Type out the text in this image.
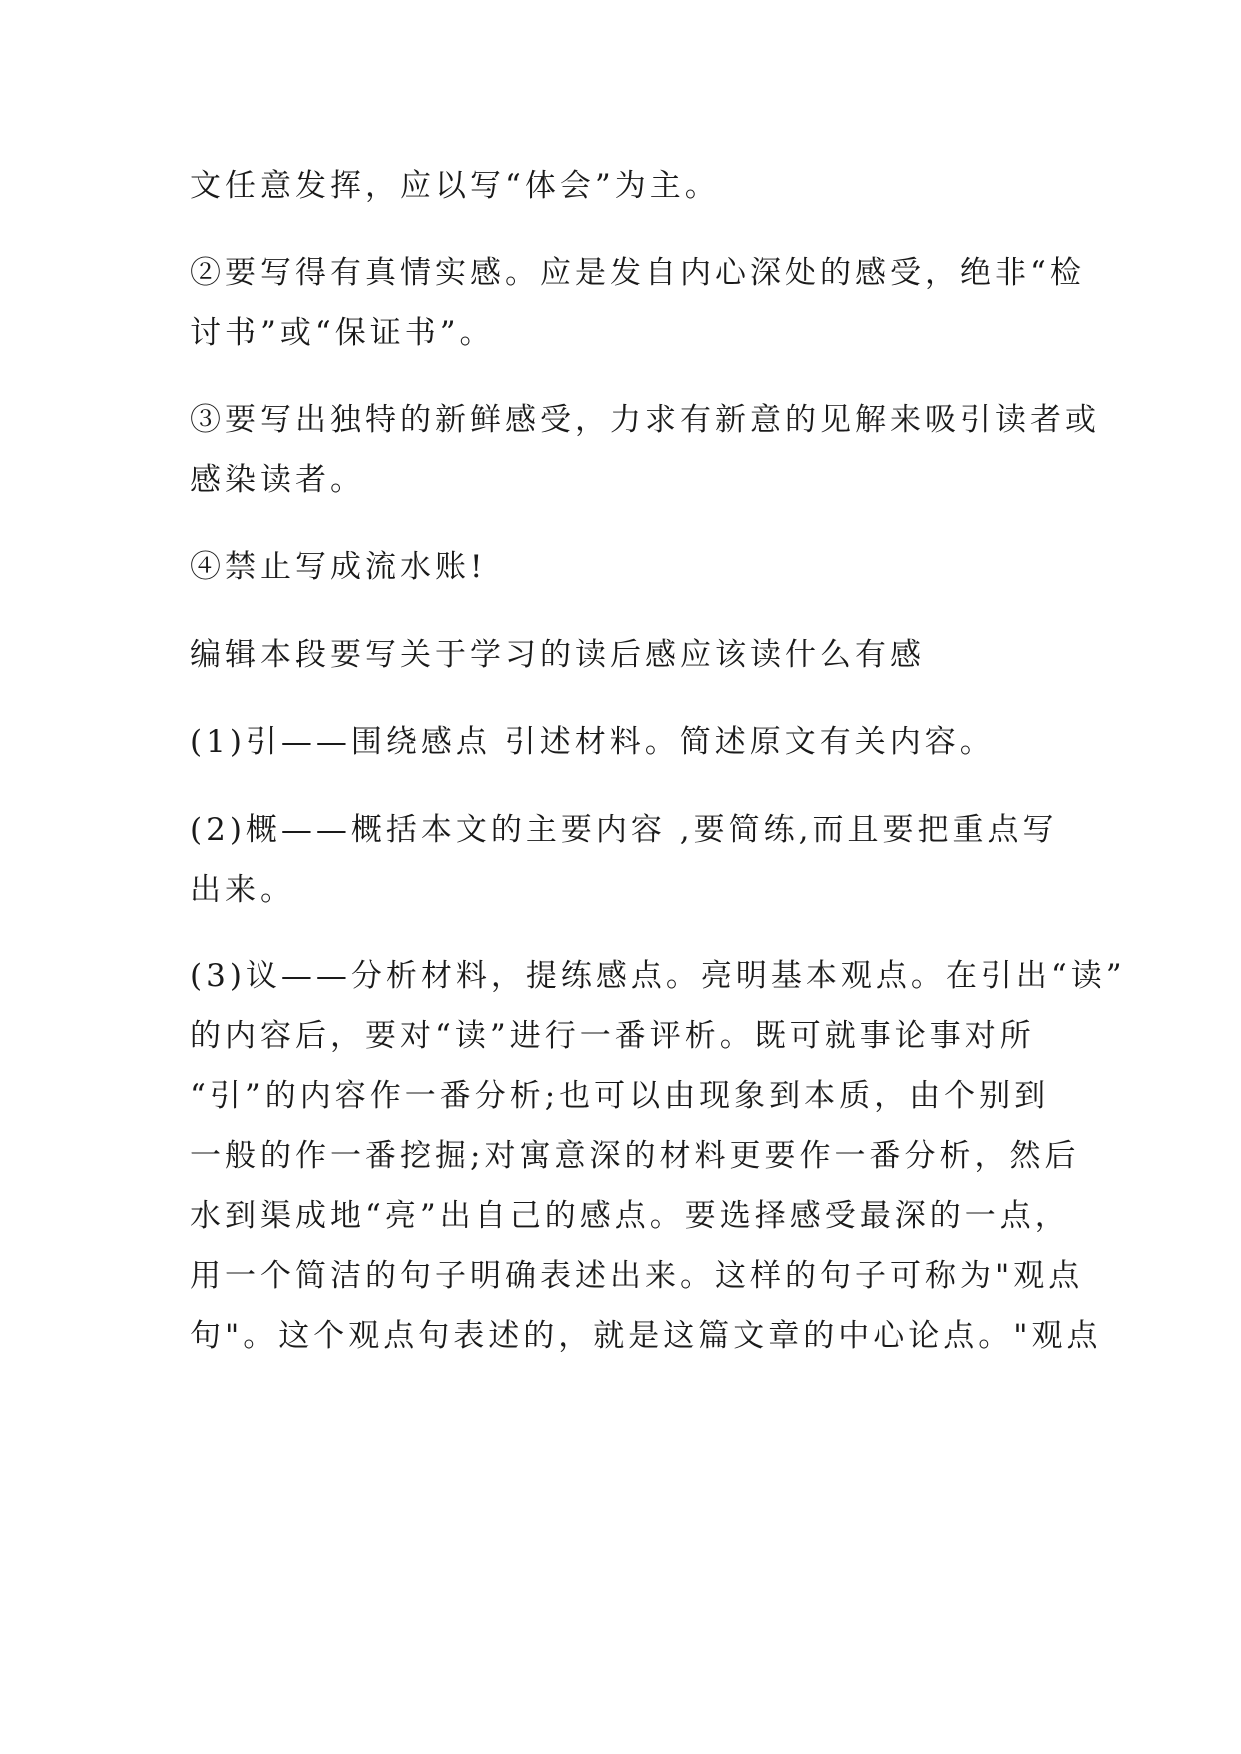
文任意发挥，应以写“体会”为主。

②要写得有真情实感。应是发自内心深处的感受，绝非“检
讨书”或“保证书”。

③要写出独特的新鲜感受，力求有新意的见解来吸引读者或
感染读者。

④禁止写成流水账!

编辑本段要写关于学习的读后感应该读什么有感

(1)引——围绕感点 引述材料。简述原文有关内容。

(2)概——概括本文的主要内容 ,要简练,而且要把重点写
出来。

(3)议——分析材料，提练感点。亮明基本观点。在引出“读”
的内容后，要对“读”进行一番评析。既可就事论事对所
“引”的内容作一番分析;也可以由现象到本质，由个别到
一般的作一番挖掘;对寓意深的材料更要作一番分析，然后
水到渠成地“亮”出自己的感点。要选择感受最深的一点，
用一个简洁的句子明确表述出来。这样的句子可称为"观点
句"。这个观点句表述的，就是这篇文章的中心论点。"观点
